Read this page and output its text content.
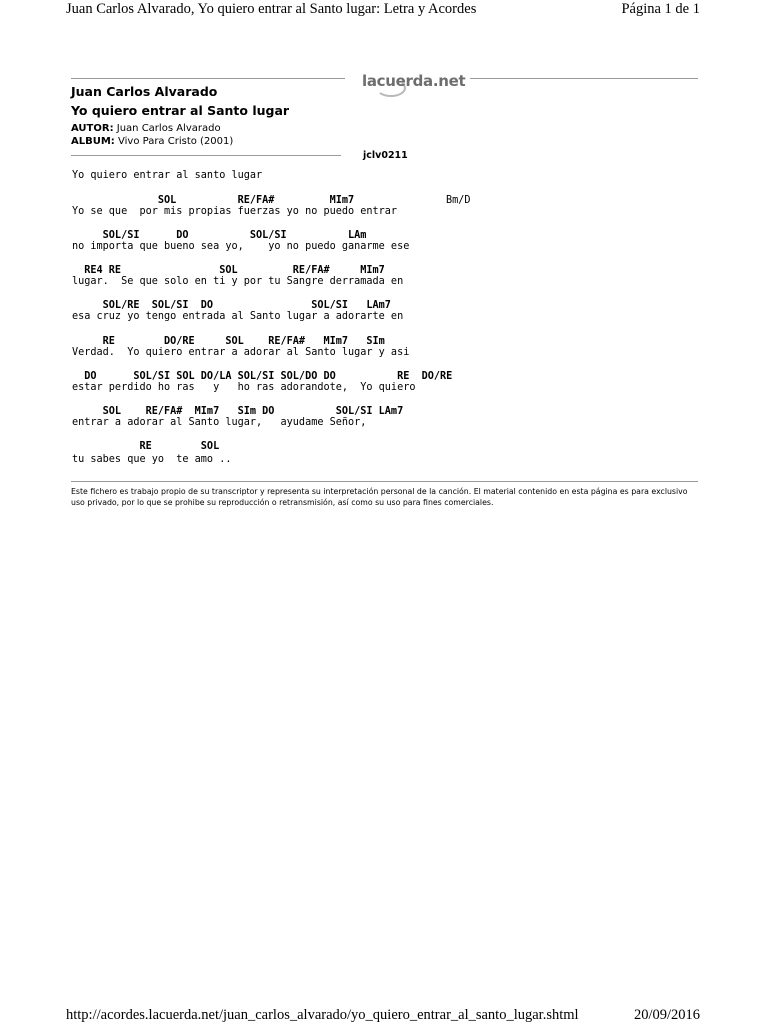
Juan Carlos Alvarado, Yo quiero entrar al Santo lugar: Letra y Acordes	Página 1 de 1
lacuerda.net
Juan Carlos Alvarado
Yo quiero entrar al Santo lugar
AUTOR: Juan Carlos Alvarado
ALBUM: Vivo Para Cristo (2001)
jclv0211
Yo quiero entrar al santo lugar
SOL          RE/FA#         MIm7	Bm/D
Yo se que  por mis propias fuerzas yo no puedo entrar
SOL/SI      DO          SOL/SI          LAm
no importa que bueno sea yo,    yo no puedo ganarme ese
RE4 RE                SOL         RE/FA#     MIm7
lugar.  Se que solo en ti y por tu Sangre derramada en
SOL/RE  SOL/SI  DO                SOL/SI   LAm7
esa cruz yo tengo entrada al Santo lugar a adorarte en
RE        DO/RE     SOL    RE/FA#   MIm7   SIm
Verdad.  Yo quiero entrar a adorar al Santo lugar y asi
DO      SOL/SI SOL DO/LA SOL/SI SOL/DO DO          RE  DO/RE
estar perdido ho ras   y   ho ras adorandote,  Yo quiero
SOL    RE/FA#  MIm7   SIm DO          SOL/SI LAm7
entrar a adorar al Santo lugar,   ayudame Señor,
RE        SOL
tu sabes que yo  te amo ..
Este fichero es trabajo propio de su transcriptor y representa su interpretación personal de la canción. El material contenido en esta página es para exclusivo uso privado, por lo que se prohibe su reproducción o retransmisión, así como su uso para fines comerciales.
http://acordes.lacuerda.net/juan_carlos_alvarado/yo_quiero_entrar_al_santo_lugar.shtml	20/09/2016
